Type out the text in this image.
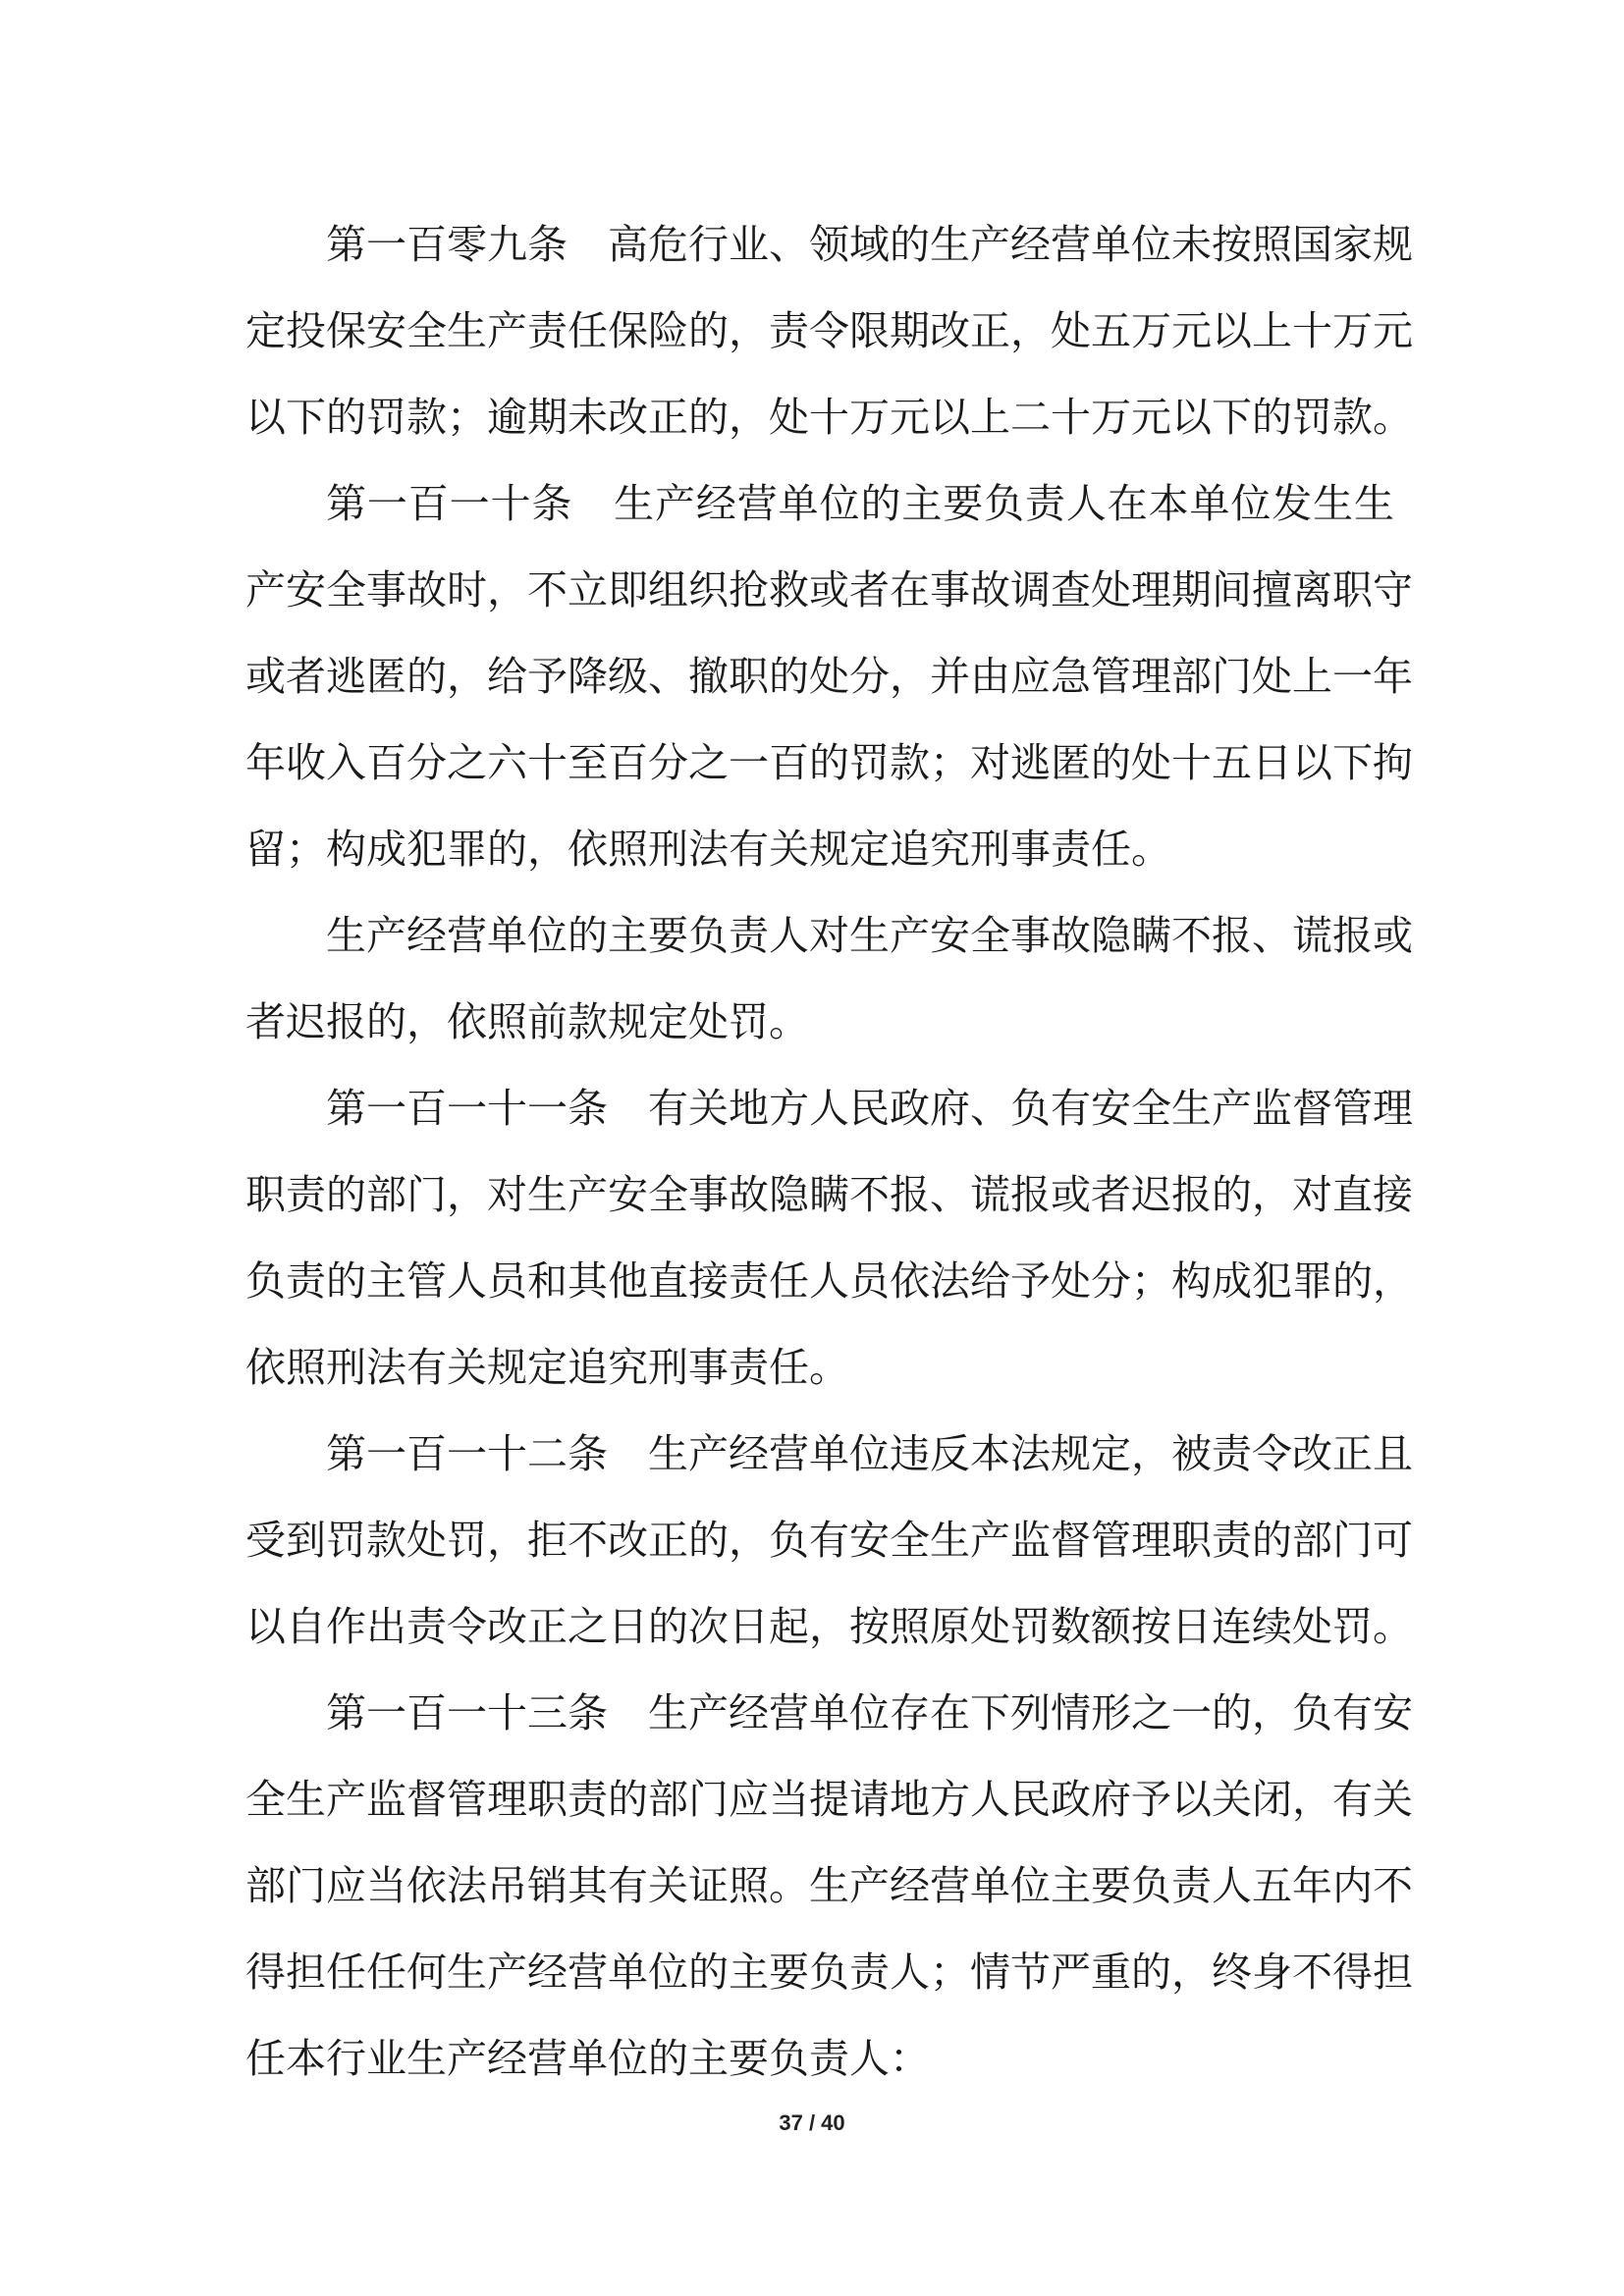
第一百零九条　高危行业、领域的生产经营单位未按照国家规
定投保安全生产责任保险的，责令限期改正，处五万元以上十万元
以下的罚款；逾期未改正的，处十万元以上二十万元以下的罚款。
第一百一十条　生产经营单位的主要负责人在本单位发生生
产安全事故时，不立即组织抢救或者在事故调查处理期间擅离职守
或者逃匿的，给予降级、撤职的处分，并由应急管理部门处上一年
年收入百分之六十至百分之一百的罚款；对逃匿的处十五日以下拘
留；构成犯罪的，依照刑法有关规定追究刑事责任。
生产经营单位的主要负责人对生产安全事故隐瞒不报、谎报或
者迟报的，依照前款规定处罚。
第一百一十一条　有关地方人民政府、负有安全生产监督管理
职责的部门，对生产安全事故隐瞒不报、谎报或者迟报的，对直接
负责的主管人员和其他直接责任人员依法给予处分；构成犯罪的，
依照刑法有关规定追究刑事责任。
第一百一十二条　生产经营单位违反本法规定，被责令改正且
受到罚款处罚，拒不改正的，负有安全生产监督管理职责的部门可
以自作出责令改正之日的次日起，按照原处罚数额按日连续处罚。
第一百一十三条　生产经营单位存在下列情形之一的，负有安
全生产监督管理职责的部门应当提请地方人民政府予以关闭，有关
部门应当依法吊销其有关证照。生产经营单位主要负责人五年内不
得担任任何生产经营单位的主要负责人；情节严重的，终身不得担
任本行业生产经营单位的主要负责人：
37 / 40
